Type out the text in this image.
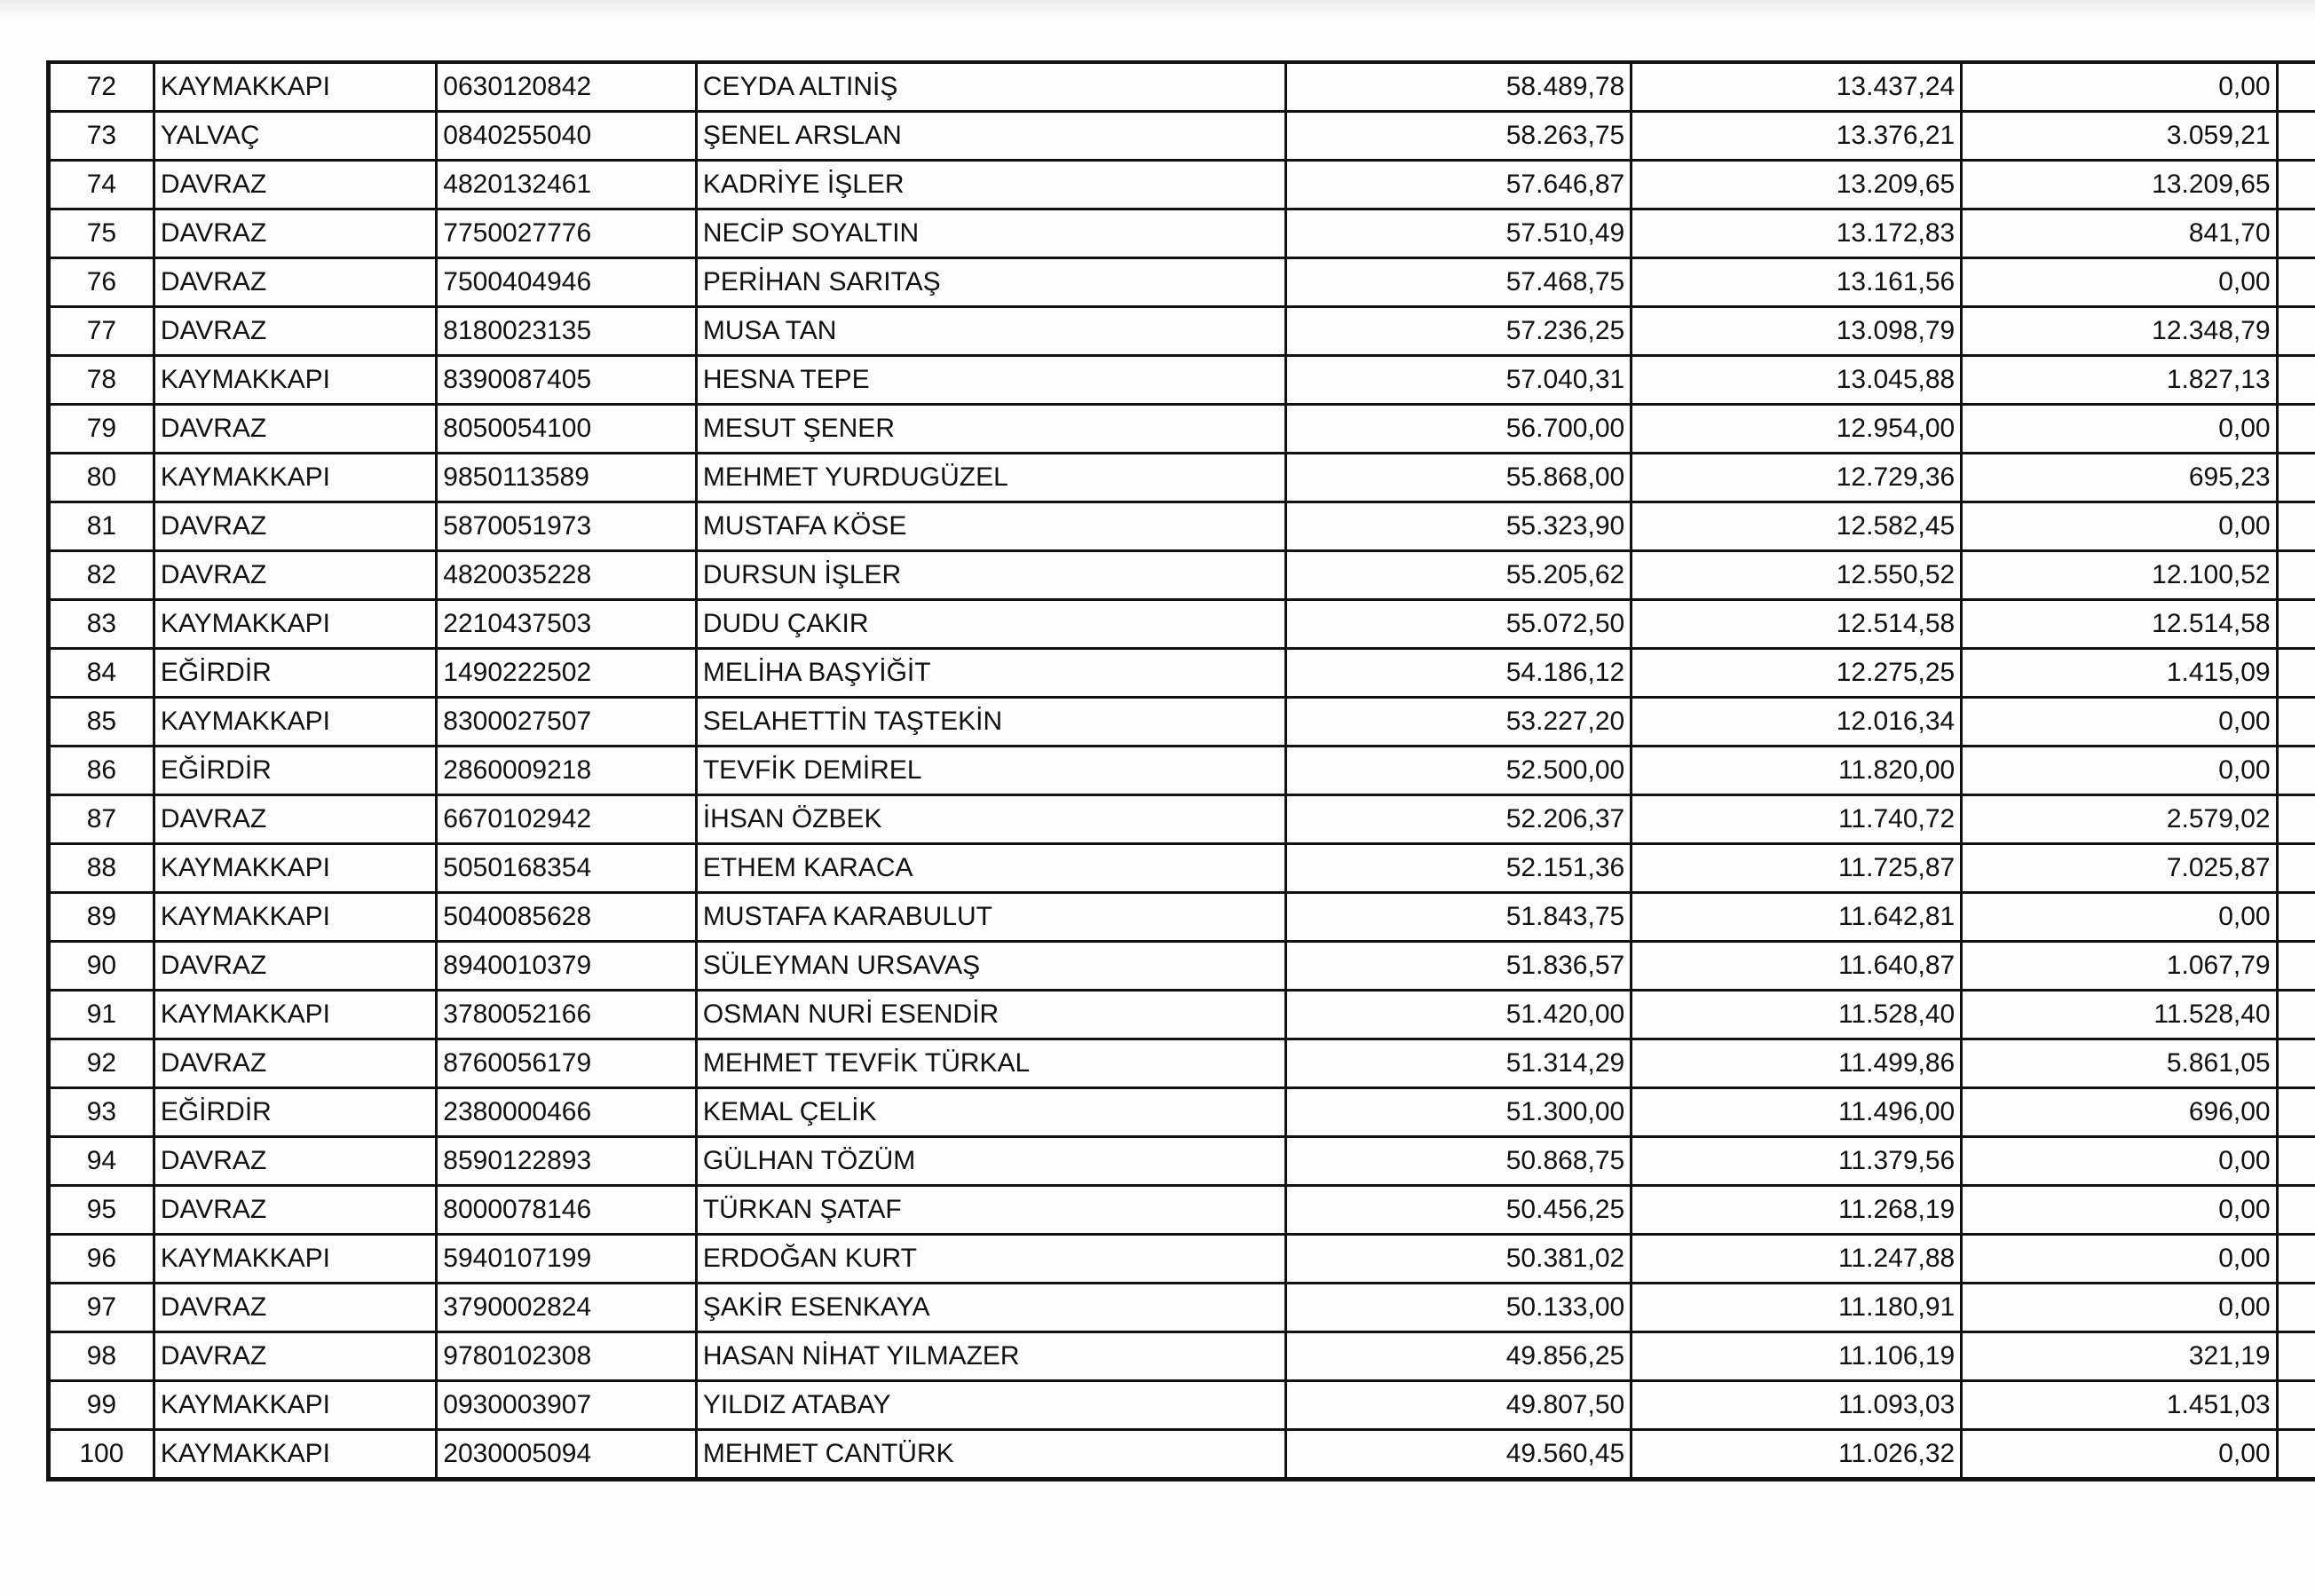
72	KAYMAKKAPI	0630120842	CEYDA ALTINİŞ	58.489,78	13.437,24	0,00	
73	YALVAÇ	0840255040	ŞENEL ARSLAN	58.263,75	13.376,21	3.059,21	
74	DAVRAZ	4820132461	KADRİYE İŞLER	57.646,87	13.209,65	13.209,65	
75	DAVRAZ	7750027776	NECİP SOYALTIN	57.510,49	13.172,83	841,70	
76	DAVRAZ	7500404946	PERİHAN SARITAŞ	57.468,75	13.161,56	0,00	
77	DAVRAZ	8180023135	MUSA TAN	57.236,25	13.098,79	12.348,79	
78	KAYMAKKAPI	8390087405	HESNA TEPE	57.040,31	13.045,88	1.827,13	
79	DAVRAZ	8050054100	MESUT ŞENER	56.700,00	12.954,00	0,00	
80	KAYMAKKAPI	9850113589	MEHMET YURDUGÜZEL	55.868,00	12.729,36	695,23	
81	DAVRAZ	5870051973	MUSTAFA KÖSE	55.323,90	12.582,45	0,00	
82	DAVRAZ	4820035228	DURSUN İŞLER	55.205,62	12.550,52	12.100,52	
83	KAYMAKKAPI	2210437503	DUDU ÇAKIR	55.072,50	12.514,58	12.514,58	
84	EĞİRDİR	1490222502	MELİHA BAŞYİĞİT	54.186,12	12.275,25	1.415,09	
85	KAYMAKKAPI	8300027507	SELAHETTİN TAŞTEKİN	53.227,20	12.016,34	0,00	
86	EĞİRDİR	2860009218	TEVFİK DEMİREL	52.500,00	11.820,00	0,00	
87	DAVRAZ	6670102942	İHSAN ÖZBEK	52.206,37	11.740,72	2.579,02	
88	KAYMAKKAPI	5050168354	ETHEM KARACA	52.151,36	11.725,87	7.025,87	
89	KAYMAKKAPI	5040085628	MUSTAFA KARABULUT	51.843,75	11.642,81	0,00	
90	DAVRAZ	8940010379	SÜLEYMAN URSAVAŞ	51.836,57	11.640,87	1.067,79	
91	KAYMAKKAPI	3780052166	OSMAN NURİ ESENDİR	51.420,00	11.528,40	11.528,40	
92	DAVRAZ	8760056179	MEHMET TEVFİK TÜRKAL	51.314,29	11.499,86	5.861,05	
93	EĞİRDİR	2380000466	KEMAL ÇELİK	51.300,00	11.496,00	696,00	
94	DAVRAZ	8590122893	GÜLHAN TÖZÜM	50.868,75	11.379,56	0,00	
95	DAVRAZ	8000078146	TÜRKAN ŞATAF	50.456,25	11.268,19	0,00	
96	KAYMAKKAPI	5940107199	ERDOĞAN KURT	50.381,02	11.247,88	0,00	
97	DAVRAZ	3790002824	ŞAKİR ESENKAYA	50.133,00	11.180,91	0,00	
98	DAVRAZ	9780102308	HASAN NİHAT YILMAZER	49.856,25	11.106,19	321,19	
99	KAYMAKKAPI	0930003907	YILDIZ ATABAY	49.807,50	11.093,03	1.451,03	
100	KAYMAKKAPI	2030005094	MEHMET CANTÜRK	49.560,45	11.026,32	0,00	
